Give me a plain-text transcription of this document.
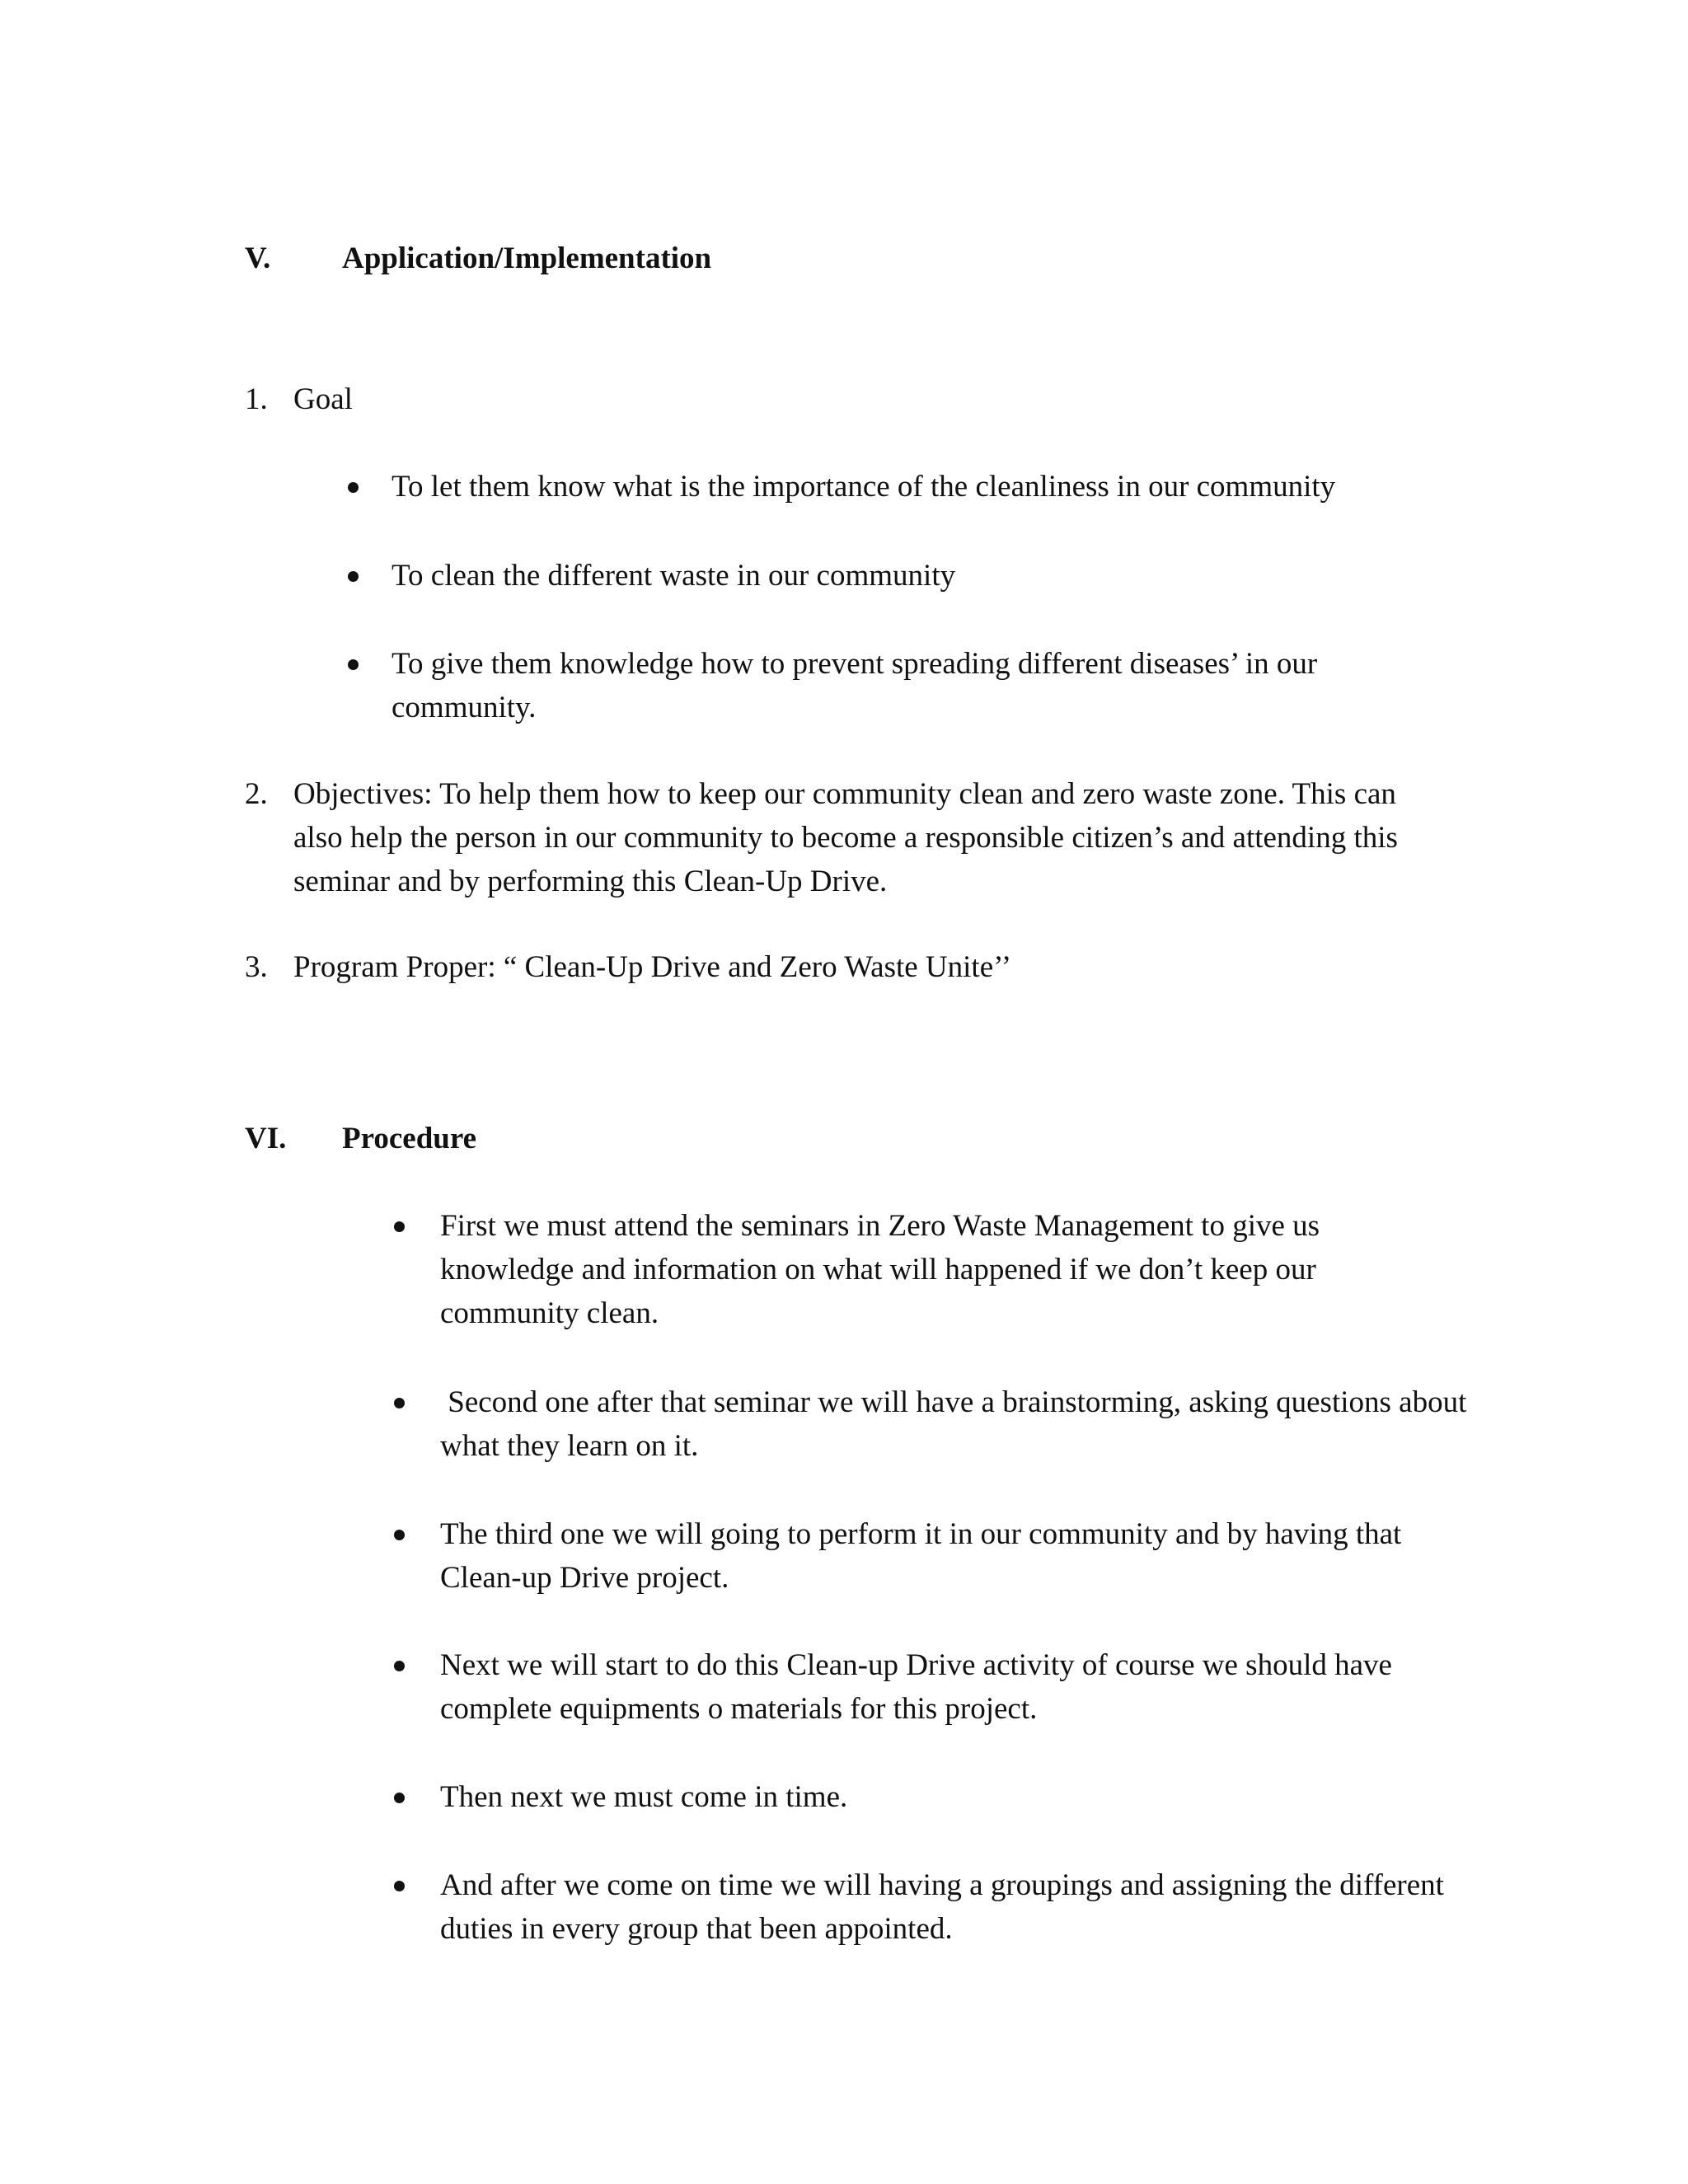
V. Application/Implementation
1. Goal
To let them know what is the importance of the cleanliness in our community
To clean the different waste in our community
To give them knowledge how to prevent spreading different diseases’ in our community.
2. Objectives: To help them how to keep our community clean and zero waste zone. This can also help the person in our community to become a responsible citizen’s and attending this seminar and by performing this Clean-Up Drive.
3. Program Proper: “ Clean-Up Drive and Zero Waste Unite’’
VI. Procedure
First we must attend the seminars in Zero Waste Management to give us knowledge and information on what will happened if we don’t keep our community clean.
Second one after that seminar we will have a brainstorming, asking questions about what they learn on it.
The third one we will going to perform it in our community and by having that Clean-up Drive project.
Next we will start to do this Clean-up Drive activity of course we should have complete equipments o materials for this project.
Then next we must come in time.
And after we come on time we will having a groupings and assigning the different duties in every group that been appointed.
